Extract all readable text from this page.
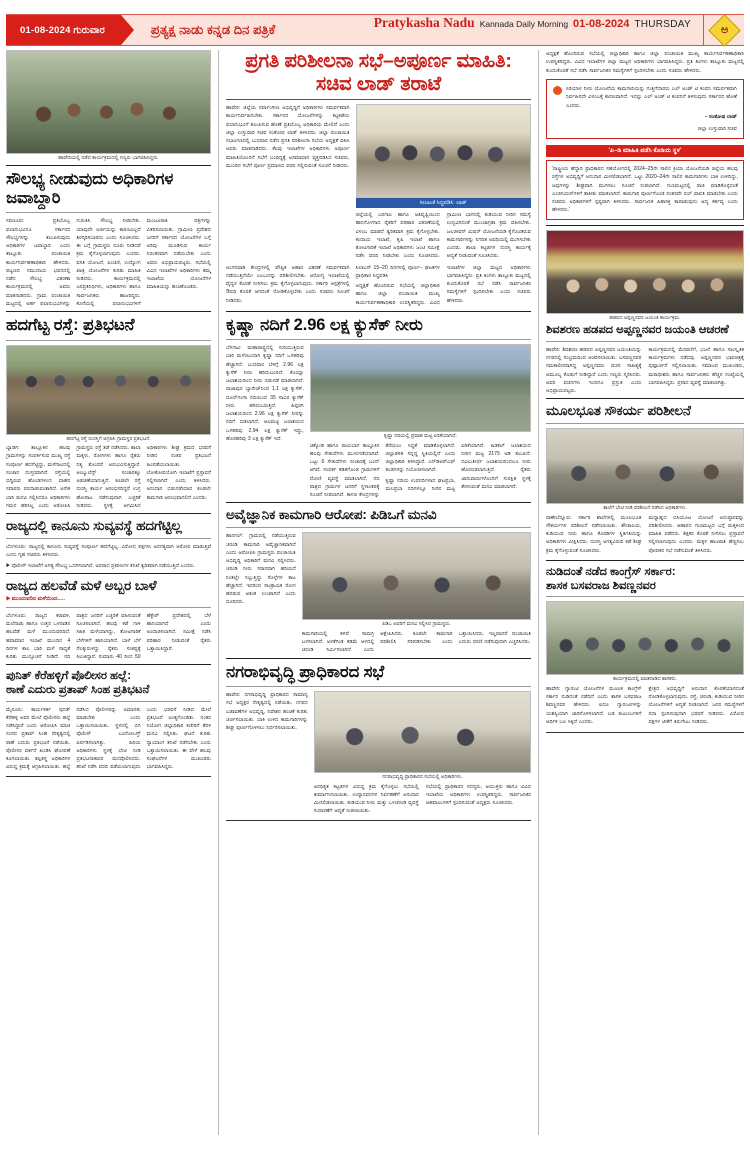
01-08-2024 ಗುರುವಾರ	ಪ್ರತ್ಯಕ್ಷ ನಾಡು ಕನ್ನಡ ದಿನ ಪತ್ರಿಕೆ	Pratykasha Nadu Kannada Daily Morning 01-08-2024 THURSDAY	ಅ
ಹಾವೇರಿಯಲ್ಲಿ ನಡೆದ ಕಾರ್ಯಕ್ರಮದಲ್ಲಿ ಗಣ್ಯರು ಭಾಗವಹಿಸಿದ್ದರು.
ಸೌಲಭ್ಯ ನೀಡುವುದು ಅಧಿಕಾರಿಗಳ ಜವಾಬ್ದಾರಿ

ಸವಣೂರು: ಪ್ರತಿಯೊಬ್ಬ ಫಲಾನುಭವಿಗೂ ಸರ್ಕಾರದ ಸೌಲಭ್ಯಗಳನ್ನು ತಲುಪಿಸುವುದು ಅಧಿಕಾರಿಗಳ ಜವಾಬ್ದಾರಿ ಎಂದು ತಾಲ್ಲೂಕು ಪಂಚಾಯಿತಿ ಕಾರ್ಯನಿರ್ವಹಣಾಧಿಕಾರಿ ಹೇಳಿದರು. ಪಟ್ಟಣದ ಸಮುದಾಯ ಭವನದಲ್ಲಿ ನಡೆದ ಸೌಲಭ್ಯ ವಿತರಣಾ ಕಾರ್ಯಕ್ರಮದಲ್ಲಿ ಅವರು ಮಾತನಾಡಿದರು. ಗ್ರಾಮ ಪಂಚಾಯಿತಿ ಮಟ್ಟದಲ್ಲಿ ಅರ್ಹ ಫಲಾನುಭವಿಗಳನ್ನು ಗುರುತಿಸಿ ಸೌಲಭ್ಯ ನೀಡಬೇಕು. ಯಾವುದೇ ಅರ್ಜಿಯನ್ನು ಕಾರಣವಿಲ್ಲದೆ ತಿರಸ್ಕರಿಸಬಾರದು ಎಂದು ಸೂಚಿಸಿದರು. ಈ ಬಗ್ಗೆ ಗ್ರಾಮಸ್ಥರು ದೂರು ನೀಡಿದರೆ ಕ್ರಮ ಕೈಗೊಳ್ಳಲಾಗುವುದು ಎಂದರು. ವಸತಿ ಯೋಜನೆ, ಪಿಂಚಣಿ, ಉದ್ಯೋಗ ಖಾತ್ರಿ ಯೋಜನೆಗಳ ಕುರಿತು ಮಾಹಿತಿ ನೀಡಿದರು. ಕಾರ್ಯಕ್ರಮದಲ್ಲಿ ಜನಪ್ರತಿನಿಧಿಗಳು, ಅಧಿಕಾರಿಗಳು ಹಾಗೂ ಸಾರ್ವಜನಿಕರು ಹಾಜರಿದ್ದರು. ಕೊನೆಯಲ್ಲಿ ಫಲಾನುಭವಿಗಳಿಗೆ ಮಂಜೂರಾತಿ ಪತ್ರಗಳನ್ನು ವಿತರಿಸಲಾಯಿತು. ಗ್ರಾಮೀಣ ಪ್ರದೇಶದ ಜನರಿಗೆ ಸರ್ಕಾರದ ಯೋಜನೆಗಳ ಬಗ್ಗೆ ಅರಿವು ಮೂಡಿಸುವ ಕಾರ್ಯ ನಿರಂತರವಾಗಿ ನಡೆಯಬೇಕು ಎಂದು ಅವರು ಅಭಿಪ್ರಾಯಪಟ್ಟರು. ಸಭೆಯಲ್ಲಿ ವಿವಿಧ ಇಲಾಖೆಗಳ ಅಧಿಕಾರಿಗಳು ತಮ್ಮ ಇಲಾಖೆಯ ಯೋಜನೆಗಳ ಮಾಹಿತಿಯನ್ನು ಹಂಚಿಕೊಂಡರು.

ಹದಗೆಟ್ಟ ರಸ್ತೆ: ಪ್ರತಿಭಟನೆ
ಹದಗೆಟ್ಟ ರಸ್ತೆ ದುರಸ್ತಿಗೆ ಆಗ್ರಹಿಸಿ ಗ್ರಾಮಸ್ಥರ ಪ್ರತಿಭಟನೆ.

ಬ್ಯಾಡಗಿ: ತಾಲ್ಲೂಕಿನ ಹಲವು ಗ್ರಾಮಗಳನ್ನು ಸಂಪರ್ಕಿಸುವ ಮುಖ್ಯ ರಸ್ತೆ ಸಂಪೂರ್ಣ ಹದಗೆಟ್ಟಿದ್ದು, ಮಳೆಗಾಲದಲ್ಲಿ ಸಂಚಾರ ದುಸ್ತರವಾಗಿದೆ. ರಸ್ತೆಯಲ್ಲಿ ಬಿದ್ದಿರುವ ಹೊಂಡಗಳಿಂದ ವಾಹನ ಸವಾರರು ಪರದಾಡುವಂತಾಗಿದೆ. ಅನೇಕ ಬಾರಿ ಮನವಿ ಸಲ್ಲಿಸಿದರೂ ಅಧಿಕಾರಿಗಳು ಗಮನ ಹರಿಸಿಲ್ಲ ಎಂದು ಆರೋಪಿಸಿ ಗ್ರಾಮಸ್ಥರು ರಸ್ತೆ ತಡೆ ನಡೆಸಿದರು. ಶಾಲಾ ಮಕ್ಕಳು, ರೋಗಿಗಳು ಹಾಗೂ ರೈತರು ನಿತ್ಯ ತೊಂದರೆ ಅನುಭವಿಸುತ್ತಿದ್ದಾರೆ. ಆಂಬ್ಯುಲೆನ್ಸ್ ಸಂಚಾರಕ್ಕೂ ಅಡಚಣೆಯಾಗುತ್ತಿದೆ. ಕೂಡಲೇ ರಸ್ತೆ ದುರಸ್ತಿ ಕಾರ್ಯ ಆರಂಭಿಸದಿದ್ದರೆ ಉಗ್ರ ಹೋರಾಟ ನಡೆಸುವುದಾಗಿ ಎಚ್ಚರಿಕೆ ನೀಡಿದರು. ಸ್ಥಳಕ್ಕೆ ಆಗಮಿಸಿದ ಅಧಿಕಾರಿಗಳು ಶೀಘ್ರ ಕ್ರಮದ ಭರವಸೆ ನೀಡಿದ ನಂತರ ಪ್ರತಿಭಟನೆ ಹಿಂಪಡೆಯಲಾಯಿತು. ಲೋಕೋಪಯೋಗಿ ಇಲಾಖೆಗೆ ಪ್ರಸ್ತಾವನೆ ಸಲ್ಲಿಸಲಾಗಿದೆ ಎಂದು ತಿಳಿಸಿದರು. ಅನುದಾನ ಬಿಡುಗಡೆಯಾದ ಕೂಡಲೇ ಕಾಮಗಾರಿ ಆರಂಭವಾಗಲಿದೆ ಎಂದರು.

ರಾಜ್ಯದಲ್ಲಿ ಕಾನೂನು ಸುವ್ಯವಸ್ಥೆ ಹದಗೆಟ್ಟಿಲ್ಲ

ಬೆಂಗಳೂರು: ರಾಜ್ಯದಲ್ಲಿ ಕಾನೂನು ಸುವ್ಯವಸ್ಥೆ ಸಂಪೂರ್ಣ ಹದಗೆಟ್ಟಿಲ್ಲ. ವಿರೋಧ ಪಕ್ಷಗಳು ಅನಗತ್ಯವಾಗಿ ಆರೋಪ ಮಾಡುತ್ತಿವೆ ಎಂದು ಗೃಹ ಸಚಿವರು ತಿಳಿಸಿದರು.

▶ ಪೊಲೀಸ್ ಇಲಾಖೆಗೆ ಅಗತ್ಯ ಸೌಲಭ್ಯ ಒದಗಿಸಲಾಗಿದೆ. ಅಪರಾಧ ಪ್ರಕರಣಗಳ ತನಿಖೆ ತ್ವರಿತವಾಗಿ ನಡೆಯುತ್ತಿದೆ ಎಂದರು.
ರಾಜ್ಯದ ಹಲವೆಡೆ ಮಳೆ ಅಬ್ಬರ ಬಾಳೆ
▶ ಮುಂದುವರಿದ ಮಳೆಯಿಂದ.....

ಬೆಂಗಳೂರು: ರಾಜ್ಯದ ಕರಾವಳಿ, ಮಲೆನಾಡು ಹಾಗೂ ಉತ್ತರ ಒಳನಾಡಿನ ಹಲವೆಡೆ ಮಳೆ ಮುಂದುವರಿದಿದೆ. ಹವಾಮಾನ ಇಲಾಖೆ ಮುಂದಿನ 4 ದಿನಗಳ ಕಾಲ ಭಾರಿ ಮಳೆ ಸಾಧ್ಯತೆ ಕುರಿತು ಮುನ್ಸೂಚನೆ ನೀಡಿದೆ. ನದಿ ಪಾತ್ರದ ಜನರಿಗೆ ಎಚ್ಚರಿಕೆ ವಹಿಸುವಂತೆ ಸೂಚಿಸಲಾಗಿದೆ. ಹಲವು ಕಡೆ ಗಾಳಿ ಸಹಿತ ಮಳೆಯಾಗಿದ್ದು, ತೋಟಗಾರಿಕೆ ಬೆಳೆಗಳಿಗೆ ಹಾನಿಯಾಗಿದೆ. ಬಾಳೆ ಬೆಳೆ ನೆಲಕ್ಕುರುಳಿದ್ದು ರೈತರು ಸಂಕಷ್ಟಕ್ಕೆ ಸಿಲುಕಿದ್ದಾರೆ. ಸುಮಾರು 40 ರಿಂದ 50 ಹೆಕ್ಟೇರ್ ಪ್ರದೇಶದಲ್ಲಿ ಬೆಳೆ ಹಾನಿಯಾಗಿದೆ ಎಂದು ಅಂದಾಜಿಸಲಾಗಿದೆ. ಸಮೀಕ್ಷೆ ನಡೆಸಿ ಪರಿಹಾರ ನೀಡುವಂತೆ ರೈತರು ಒತ್ತಾಯಿಸಿದ್ದಾರೆ.

ಪುನಿತ್ ಕೆರೆಹಳ್ಳಿಗೆ ಪೊಲೀಸರ ಹಲ್ಲೆ:
ಠಾಣೆ ಎದುರು ಪ್ರತಾಪ್ ಸಿಂಹ ಪ್ರತಿಭಟನೆ

ಮೈಸೂರು: ಕಾರ್ಯಕರ್ತ ಪುನಿತ್ ಕೆರೆಹಳ್ಳಿ ಅವರ ಮೇಲೆ ಪೊಲೀಸರು ಹಲ್ಲೆ ನಡೆಸಿದ್ದಾರೆ ಎಂದು ಆರೋಪಿಸಿ ಮಾಜಿ ಸಂಸದ ಪ್ರತಾಪ್ ಸಿಂಹ ನೇತೃತ್ವದಲ್ಲಿ ಠಾಣೆ ಎದುರು ಪ್ರತಿಭಟನೆ ನಡೆಯಿತು. ಪೊಲೀಸರ ವರ್ತನೆ ಖಂಡಿಸಿ ಘೋಷಣೆ ಕೂಗಲಾಯಿತು. ತಪ್ಪಿತಸ್ಥ ಅಧಿಕಾರಿಗಳ ವಿರುದ್ಧ ಕ್ರಮಕ್ಕೆ ಆಗ್ರಹಿಸಲಾಯಿತು. ಹಲ್ಲೆ ನಡೆಸಿದ ಪೊಲೀಸರನ್ನು ಅಮಾನತು ಮಾಡಬೇಕು ಎಂದು ಒತ್ತಾಯಿಸಲಾಯಿತು. ಸ್ಥಳದಲ್ಲಿ ಬಿಗಿ ಪೊಲೀಸ್ ಬಂದೋಬಸ್ತ್ ಏರ್ಪಡಿಸಲಾಗಿತ್ತು. ಹಿರಿಯ ಅಧಿಕಾರಿಗಳು ಸ್ಥಳಕ್ಕೆ ಭೇಟಿ ನೀಡಿ ಪ್ರತಿಭಟನಾಕಾರರ ಮನವೊಲಿಸಿದರು. ತನಿಖೆ ನಡೆಸಿ ವರದಿ ಪಡೆಯಲಾಗುವುದು ಎಂದು ಭರವಸೆ ನೀಡಿದ ಮೇಲೆ ಪ್ರತಿಭಟನೆ ಅಂತ್ಯಗೊಂಡಿತು. ನಂತರ ನಿಯೋಗ ಜಿಲ್ಲಾಧಿಕಾರಿ ಕಚೇರಿಗೆ ತೆರಳಿ ಮನವಿ ಸಲ್ಲಿಸಿತು. ಘಟನೆ ಕುರಿತು ನ್ಯಾಯಾಂಗ ತನಿಖೆ ನಡೆಸಬೇಕು ಎಂದು ಒತ್ತಾಯಿಸಲಾಯಿತು. ಈ ವೇಳೆ ಹಲವು ಸಂಘಟನೆಗಳ ಮುಖಂಡರು ಭಾಗವಹಿಸಿದ್ದರು.

ಪ್ರಗತಿ ಪರಿಶೀಲನಾ ಸಭೆ–ಅಪೂರ್ಣ ಮಾಹಿತಿ: ಸಚಿವ ಲಾಡ್ ತರಾಟೆ

ಹಾವೇರಿ: ಜಿಲ್ಲೆಯ ಸರ್ವಾಂಗೀಣ ಅಭಿವೃದ್ಧಿಗೆ ಅಧಿಕಾರಿಗಳು ಸಮರ್ಪಕವಾಗಿ ಕಾರ್ಯನಿರ್ವಹಿಸಬೇಕು. ಸರ್ಕಾರದ ಯೋಜನೆಗಳನ್ನು ಕಟ್ಟಕಡೆಯ ಫಲಾನುಭವಿಗೆ ತಲುಪಿಸುವ ಹೊಣೆ ಪ್ರತಿಯೊಬ್ಬ ಅಧಿಕಾರಿಯ ಮೇಲಿದೆ ಎಂದು ಜಿಲ್ಲಾ ಉಸ್ತುವಾರಿ ಸಚಿವ ಸಂತೋಷ ಲಾಡ್ ತಿಳಿಸಿದರು. ಜಿಲ್ಲಾ ಪಂಚಾಯಿತಿ ಸಭಾಂಗಣದಲ್ಲಿ ಬುಧವಾರ ನಡೆದ ಪ್ರಗತಿ ಪರಿಶೀಲನಾ ಸಭೆಯ ಅಧ್ಯಕ್ಷತೆ ವಹಿಸಿ ಅವರು ಮಾತನಾಡಿದರು. ಕೆಲವು ಇಲಾಖೆಗಳ ಅಧಿಕಾರಿಗಳು ಅಪೂರ್ಣ ಮಾಹಿತಿಯೊಂದಿಗೆ ಸಭೆಗೆ ಬಂದಿದ್ದಕ್ಕೆ ಅಸಮಾಧಾನ ವ್ಯಕ್ತಪಡಿಸಿದ ಸಚಿವರು, ಮುಂದಿನ ಸಭೆಗೆ ಪೂರ್ಣ ಪ್ರಮಾಣದ ವರದಿ ಸಲ್ಲಿಸುವಂತೆ ಸೂಚನೆ ನೀಡಿದರು.

ಸೀಲಾಂತೆ ಸಿದ್ಧಪಡಿಸಿ: ಲಾಡ್

ಜಿಲ್ಲೆಯಲ್ಲಿ ಬರಗಾಲ ಹಾಗೂ ಅತಿವೃಷ್ಟಿಯಿಂದ ಹಾನಿಗೊಳಗಾದ ರೈತರಿಗೆ ಪರಿಹಾರ ವಿತರಣೆಯಲ್ಲಿ ವಿಳಂಬ ಮಾಡದೆ ತ್ವರಿತವಾಗಿ ಕ್ರಮ ಕೈಗೊಳ್ಳಬೇಕು. ಕಂದಾಯ ಇಲಾಖೆ, ಕೃಷಿ ಇಲಾಖೆ ಹಾಗೂ ತೋಟಗಾರಿಕೆ ಇಲಾಖೆ ಅಧಿಕಾರಿಗಳು ಜಂಟಿ ಸಮೀಕ್ಷೆ ನಡೆಸಿ ವರದಿ ನೀಡಬೇಕು ಎಂದು ಸೂಚಿಸಿದರು. ಗ್ರಾಮೀಣ ಭಾಗದಲ್ಲಿ ಕುಡಿಯುವ ನೀರಿನ ಸಮಸ್ಯೆ ಉದ್ಭವಿಸದಂತೆ ಮುಂಜಾಗ್ರತಾ ಕ್ರಮ ವಹಿಸಬೇಕು. ಜಲಜೀವನ್ ಮಿಷನ್ ಯೋಜನೆಯಡಿ ಕೈಗೊಂಡಿರುವ ಕಾಮಗಾರಿಗಳನ್ನು ನಿಗದಿತ ಅವಧಿಯಲ್ಲಿ ಮುಗಿಸಬೇಕು ಎಂದರು. ಶಾಲಾ ಕಟ್ಟಡಗಳ ದುರಸ್ತಿ ಕಾರ್ಯಕ್ಕೆ ಆದ್ಯತೆ ನೀಡುವಂತೆ ಸೂಚಿಸಿದರು.

ಅಂಗನವಾಡಿ ಕೇಂದ್ರಗಳಲ್ಲಿ ಪೌಷ್ಟಿಕ ಆಹಾರ ವಿತರಣೆ ಸಮರ್ಪಕವಾಗಿ ನಡೆಯುತ್ತಿದೆಯೇ ಎಂಬುದನ್ನು ಪರಿಶೀಲಿಸಬೇಕು. ಆರೋಗ್ಯ ಇಲಾಖೆಯಲ್ಲಿ ವೈದ್ಯರ ಕೊರತೆ ನೀಗಿಸಲು ಕ್ರಮ ಕೈಗೊಳ್ಳಲಾಗುವುದು. ಸರ್ಕಾರಿ ಆಸ್ಪತ್ರೆಗಳಲ್ಲಿ ಔಷಧಿ ಕೊರತೆ ಆಗದಂತೆ ನೋಡಿಕೊಳ್ಳಬೇಕು ಎಂದು ಸಚಿವರು ಸೂಚನೆ ನೀಡಿದರು.

ಸಿಲಾಬಸ್ 15–20 ದಿನಗಳಲ್ಲಿ ಪೂರ್ಣ– ಘಟಕಗಳ ಪ್ರಾಧಿಕಾರ ಸಿದ್ಧಪಡಿಸಿ

ಅಧ್ಯಕ್ಷತೆ ಹೊಂದಿರುವ ಸಭೆಯಲ್ಲಿ ಜಿಲ್ಲಾಧಿಕಾರಿ ಹಾಗೂ ಜಿಲ್ಲಾ ಪಂಚಾಯಿತಿ ಮುಖ್ಯ ಕಾರ್ಯನಿರ್ವಹಣಾಧಿಕಾರಿ ಉಪಸ್ಥಿತರಿದ್ದರು. ವಿವಿಧ ಇಲಾಖೆಗಳ ಜಿಲ್ಲಾ ಮಟ್ಟದ ಅಧಿಕಾರಿಗಳು ಭಾಗವಹಿಸಿದ್ದರು. ಪ್ರತಿ ತಿಂಗಳು ತಾಲ್ಲೂಕು ಮಟ್ಟದಲ್ಲಿ ಕುಂದುಕೊರತೆ ಸಭೆ ನಡೆಸಿ ಸಾರ್ವಜನಿಕರ ಸಮಸ್ಯೆಗಳಿಗೆ ಸ್ಪಂದಿಸಬೇಕು ಎಂದು ಸಚಿವರು ಹೇಳಿದರು.

ಕೃಷ್ಣಾ ನದಿಗೆ 2.96 ಲಕ್ಷ ಕ್ಯುಸೆಕ್ ನೀರು

ಬೆಳಗಾವಿ: ಮಹಾರಾಷ್ಟ್ರದಲ್ಲಿ ಸುರಿಯುತ್ತಿರುವ ಭಾರಿ ಮಳೆಯಿಂದಾಗಿ ಕೃಷ್ಣಾ ನದಿಗೆ ಒಳಹರಿವು ಹೆಚ್ಚಾಗಿದೆ. ಬುಧವಾರ ಬೆಳಿಗ್ಗೆ 2.96 ಲಕ್ಷ ಕ್ಯುಸೆಕ್ ನೀರು ಹರಿದುಬಂದಿದೆ. ಕೊಯ್ನಾ ಜಲಾಶಯದಿಂದ ನೀರು ಬಿಡುಗಡೆ ಮಾಡಲಾಗಿದೆ. ರಾಜಾಪುರ ಬ್ಯಾರೇಜ್‌ನಿಂದ 1.1 ಲಕ್ಷ ಕ್ಯುಸೆಕ್, ದೂಧ್‌ಗಂಗಾ ನದಿಯಿಂದ 35 ಸಾವಿರ ಕ್ಯುಸೆಕ್ ನೀರು ಹರಿದುಬರುತ್ತಿದೆ. ಹಿಪ್ಪರಗಿ ಜಲಾಶಯದಿಂದ 2.96 ಲಕ್ಷ ಕ್ಯುಸೆಕ್ ನೀರನ್ನು ನದಿಗೆ ಬಿಡಲಾಗಿದೆ. ಆಲಮಟ್ಟಿ ಜಲಾಶಯದ ಒಳಹರಿವು 2.94 ಲಕ್ಷ ಕ್ಯುಸೆಕ್ ಇದ್ದು, ಹೊರಹರಿವು 3 ಲಕ್ಷ ಕ್ಯುಸೆಕ್ ಇದೆ.	ಕೃಷ್ಣಾ ನದಿಯಲ್ಲಿ ಪ್ರವಾಹ ಮಟ್ಟ ಏರಿಕೆಯಾಗಿದೆ.

ಚಿಕ್ಕೋಡಿ ಹಾಗೂ ರಾಯಬಾಗ ತಾಲ್ಲೂಕಿನ ಹಲವು ಸೇತುವೆಗಳು ಮುಳುಗಡೆಯಾಗಿವೆ. ಒಟ್ಟು 6 ಸೇತುವೆಗಳು ಸಂಚಾರಕ್ಕೆ ಬಂದ್ ಆಗಿವೆ. ಸಂಪರ್ಕ ಕಡಿತಗೊಂಡ ಗ್ರಾಮಗಳಿಗೆ ದೋಣಿ ವ್ಯವಸ್ಥೆ ಮಾಡಲಾಗಿದೆ. ನದಿ ಪಾತ್ರದ ಗ್ರಾಮಗಳ ಜನರಿಗೆ ಸ್ಥಳಾಂತರಕ್ಕೆ ಸೂಚನೆ ನೀಡಲಾಗಿದೆ. ಕಾಳಜಿ ಕೇಂದ್ರಗಳನ್ನು ತೆರೆಯಲು ಸಿದ್ಧತೆ ಮಾಡಿಕೊಳ್ಳಲಾಗಿದೆ. ಜಿಲ್ಲಾಡಳಿತ ಸನ್ನದ್ಧ ಸ್ಥಿತಿಯಲ್ಲಿದೆ ಎಂದು ಜಿಲ್ಲಾಧಿಕಾರಿ ತಿಳಿಸಿದ್ದಾರೆ. ಎನ್‌ಡಿಆರ್‌ಎಫ್ ತಂಡಗಳನ್ನು ನಿಯೋಜಿಸಲಾಗಿದೆ.

ಕೃಷ್ಣಾ ನದಿಯ ಉಪನದಿಗಳಾದ ಘಟಪ್ರಭಾ, ಮಲಪ್ರಭಾ ನದಿಗಳಲ್ಲೂ ನೀರಿನ ಮಟ್ಟ ಏರಿಕೆಯಾಗಿದೆ. ಹಿಡಕಲ್ ಜಲಾಶಯದ ನೀರಿನ ಮಟ್ಟ 2175 ಅಡಿ ತಲುಪಿದೆ. ನವಿಲುತೀರ್ಥ ಜಲಾಶಯದಿಂದಲೂ ನೀರು ಹೊರಬಿಡಲಾಗುತ್ತಿದೆ. ರೈತರು ಜಾನುವಾರುಗಳೊಂದಿಗೆ ಸುರಕ್ಷಿತ ಸ್ಥಳಕ್ಕೆ ತೆರಳುವಂತೆ ಮನವಿ ಮಾಡಲಾಗಿದೆ.

ಅವೈಜ್ಞಾನಿಕ ಕಾಮಗಾರಿ ಆರೋಪ: ಪಿಡಿಒಗೆ ಮನವಿ

ಹಾನಗಲ್: ಗ್ರಾಮದಲ್ಲಿ ನಡೆಯುತ್ತಿರುವ ಚರಂಡಿ ಕಾಮಗಾರಿ ಅವೈಜ್ಞಾನಿಕವಾಗಿದೆ ಎಂದು ಆರೋಪಿಸಿ ಗ್ರಾಮಸ್ಥರು ಪಂಚಾಯಿತಿ ಅಭಿವೃದ್ಧಿ ಅಧಿಕಾರಿಗೆ ಮನವಿ ಸಲ್ಲಿಸಿದರು. ಚರಂಡಿ ನೀರು ಸರಾಗವಾಗಿ ಹರಿಯದೆ ನಿಂತಲ್ಲೇ ನಿಲ್ಲುತ್ತಿದ್ದು ಸೊಳ್ಳೆಗಳ ಕಾಟ ಹೆಚ್ಚಾಗಿದೆ. ಇದರಿಂದ ಸಾಂಕ್ರಾಮಿಕ ರೋಗ ಹರಡುವ ಆತಂಕ ಉಂಟಾಗಿದೆ ಎಂದು ದೂರಿದರು.

ಪಿಡಿಒ ಅವರಿಗೆ ಮನವಿ ಸಲ್ಲಿಸಿದ ಗ್ರಾಮಸ್ಥರು.

ಕಾಮಗಾರಿಯಲ್ಲಿ ಕಳಪೆ ಸಾಮಗ್ರಿ ಬಳಸಲಾಗಿದೆ. ಅಳತೆಗಿಂತ ಕಡಿಮೆ ಆಳದಲ್ಲಿ ಚರಂಡಿ ನಿರ್ಮಿಸಲಾಗಿದೆ ಎಂದು ಆಕ್ಷೇಪಿಸಿದರು. ಕೂಡಲೇ ಕಾಮಗಾರಿ ಪರಿಶೀಲಿಸಿ ಸರಿಪಡಿಸಬೇಕು ಎಂದು ಒತ್ತಾಯಿಸಿದರು. ಇಲ್ಲವಾದರೆ ಪಂಚಾಯಿತಿ ಎದುರು ಧರಣಿ ನಡೆಸುವುದಾಗಿ ಎಚ್ಚರಿಸಿದರು.

ನಗರಾಭಿವೃದ್ಧಿ ಪ್ರಾಧಿಕಾರದ ಸಭೆ

ಹಾವೇರಿ: ನಗರಾಭಿವೃದ್ಧಿ ಪ್ರಾಧಿಕಾರದ ಸಾಮಾನ್ಯ ಸಭೆ ಅಧ್ಯಕ್ಷರ ನೇತೃತ್ವದಲ್ಲಿ ನಡೆಯಿತು. ನಗರದ ಬಡಾವಣೆಗಳ ಅಭಿವೃದ್ಧಿ, ನಿವೇಶನ ಹಂಚಿಕೆ ಕುರಿತು ಚರ್ಚಿಸಲಾಯಿತು. ಬಾಕಿ ಉಳಿದ ಕಾಮಗಾರಿಗಳನ್ನು ಶೀಘ್ರ ಪೂರ್ಣಗೊಳಿಸಲು ನಿರ್ಧರಿಸಲಾಯಿತು.

ನಗರಾಭಿವೃದ್ಧಿ ಪ್ರಾಧಿಕಾರದ ಸಭೆಯಲ್ಲಿ ಅಧಿಕಾರಿಗಳು.

ಅನಧಿಕೃತ ಕಟ್ಟಡಗಳ ವಿರುದ್ಧ ಕ್ರಮ ಕೈಗೊಳ್ಳಲು ಸಭೆಯಲ್ಲಿ ತೀರ್ಮಾನಿಸಲಾಯಿತು. ಉದ್ಯಾನವನಗಳ ನಿರ್ವಹಣೆಗೆ ಅನುದಾನ ಮೀಸಲಿಡಲಾಯಿತು. ಕುಡಿಯುವ ನೀರು ಮತ್ತು ಒಳಚರಂಡಿ ವ್ಯವಸ್ಥೆ ಸುಧಾರಣೆಗೆ ಆದ್ಯತೆ ನೀಡಲಾಯಿತು.

ಸಭೆಯಲ್ಲಿ ಪ್ರಾಧಿಕಾರದ ಸದಸ್ಯರು, ಆಯುಕ್ತರು ಹಾಗೂ ವಿವಿಧ ಇಲಾಖೆಯ ಅಧಿಕಾರಿಗಳು ಉಪಸ್ಥಿತರಿದ್ದರು. ಸಾರ್ವಜನಿಕರ ಅಹವಾಲುಗಳಿಗೆ ಸ್ಪಂದಿಸುವಂತೆ ಅಧ್ಯಕ್ಷರು ಸೂಚಿಸಿದರು.

ಅಧ್ಯಕ್ಷತೆ ಹೊಂದಿರುವ ಸಭೆಯಲ್ಲಿ ಜಿಲ್ಲಾಧಿಕಾರಿ ಹಾಗೂ ಜಿಲ್ಲಾ ಪಂಚಾಯಿತಿ ಮುಖ್ಯ ಕಾರ್ಯನಿರ್ವಹಣಾಧಿಕಾರಿ ಉಪಸ್ಥಿತರಿದ್ದರು. ವಿವಿಧ ಇಲಾಖೆಗಳ ಜಿಲ್ಲಾ ಮಟ್ಟದ ಅಧಿಕಾರಿಗಳು ಭಾಗವಹಿಸಿದ್ದರು. ಪ್ರತಿ ತಿಂಗಳು ತಾಲ್ಲೂಕು ಮಟ್ಟದಲ್ಲಿ ಕುಂದುಕೊರತೆ ಸಭೆ ನಡೆಸಿ ಸಾರ್ವಜನಿಕರ ಸಮಸ್ಯೆಗಳಿಗೆ ಸ್ಪಂದಿಸಬೇಕು ಎಂದು ಸಚಿವರು ಹೇಳಿದರು.

ಸಿರಿಯಾಳ ನೀರು ಯೋಜನೆಯ ಕಾಮಗಾರಿಯನ್ನು ಗುತ್ತಿಗೆದಾರರು ಎಲ್ ಅಂಡ್ ಟಿ ಕಂಪನಿ ಸಮರ್ಪಕವಾಗಿ ನಿರ್ವಹಿಸದೇ ವಿಳಂಬಕ್ಕೆ ಕಾರಣವಾಗಿದೆ. ಇದನ್ನು ಎಲ್ ಅಂಡ್ ಟಿ ಕಂಪನಿಗೆ ತಿಳಿಸುವುದು ಸರ್ಕಾರದ ಹೊಣೆ ಎಂದರು.
– ಸಂತೋಷ ಲಾಡ್
ಜಿಲ್ಲಾ ಉಸ್ತುವಾರಿ ಸಚಿವ
'ಪಿ–ಡಿ ಮಾಹಿತಿ ಪಡೆಸಿ ಕೊಡಿಯ ಸ್ಥಳ'
'ರಾಷ್ಟ್ರೀಯ ಹೆದ್ದಾರಿ ಪ್ರಾಧಿಕಾರದ ಸಹಯೋಗದಲ್ಲಿ 2024–25ನೇ ಸಾಲಿನ ಕ್ರಿಯಾ ಯೋಜನೆಯಡಿ ಜಿಲ್ಲೆಯ ಹಲವು ರಸ್ತೆಗಳ ಅಭಿವೃದ್ಧಿಗೆ ಅನುದಾನ ಮೀಸಲಿಡಲಾಗಿದೆ. ಒಟ್ಟು 2020–24ನೇ ಸಾಲಿನ ಕಾಮಗಾರಿಗಳು ಬಾಕಿ ಉಳಿದಿದ್ದು, ಅವುಗಳನ್ನು ಶೀಘ್ರವಾಗಿ ಮುಗಿಸಲು ಸೂಚನೆ ನೀಡಲಾಗಿದೆ. ಗುಣಮಟ್ಟದಲ್ಲಿ ರಾಜಿ ಮಾಡಿಕೊಳ್ಳದಂತೆ ಎಂಜಿನಿಯರ್‌ಗಳಿಗೆ ತಾಕೀತು ಮಾಡಲಾಗಿದೆ. ಕಾಮಗಾರಿ ಪೂರ್ಣಗೊಂಡ ನಂತರವೇ ಬಿಲ್ ಪಾವತಿ ಮಾಡಬೇಕು ಎಂದು ಸಚಿವರು ಅಧಿಕಾರಿಗಳಿಗೆ ಸ್ಪಷ್ಟವಾಗಿ ತಿಳಿಸಿದರು. ಸಾರ್ವಜನಿಕ ಹಿತಾಸಕ್ತಿ ಕಾಪಾಡುವುದು ಆದ್ಯ ಕರ್ತವ್ಯ ಎಂದು ಹೇಳಿದರು.'
ಹಡಪದ ಅಪ್ಪಣ್ಣನವರ ಜಯಂತಿ ಕಾರ್ಯಕ್ರಮ.
ಶಿವಶರಣ ಹಡಪದ ಅಪ್ಪಣ್ಣನವರ ಜಯಂತಿ ಆಚರಣೆ

ಹಾವೇರಿ: ಶಿವಶರಣ ಹಡಪದ ಅಪ್ಪಣ್ಣನವರ ಜಯಂತಿಯನ್ನು ನಗರದಲ್ಲಿ ಸಂಭ್ರಮದಿಂದ ಆಚರಿಸಲಾಯಿತು. ಬಸವಣ್ಣನವರ ಸಮಕಾಲೀನರಾಗಿದ್ದ ಅಪ್ಪಣ್ಣನವರು ವಚನ ಸಾಹಿತ್ಯಕ್ಕೆ ಅಮೂಲ್ಯ ಕೊಡುಗೆ ನೀಡಿದ್ದಾರೆ ಎಂದು ಗಣ್ಯರು ಸ್ಮರಿಸಿದರು. ಅವರ ವಚನಗಳು ಇಂದಿಗೂ ಪ್ರಸ್ತುತ ಎಂದು ಅಭಿಪ್ರಾಯಪಟ್ಟರು.

ಕಾರ್ಯಕ್ರಮದಲ್ಲಿ ಮೆರವಣಿಗೆ, ಭಜನೆ ಹಾಗೂ ಸಾಂಸ್ಕೃತಿಕ ಕಾರ್ಯಕ್ರಮಗಳು ನಡೆದವು. ಅಪ್ಪಣ್ಣನವರ ಭಾವಚಿತ್ರಕ್ಕೆ ಪುಷ್ಪಾರ್ಚನೆ ಸಲ್ಲಿಸಲಾಯಿತು. ಸಮಾಜದ ಮುಖಂಡರು, ಮಠಾಧೀಶರು ಹಾಗೂ ಸಾರ್ವಜನಿಕರು ಹೆಚ್ಚಿನ ಸಂಖ್ಯೆಯಲ್ಲಿ ಭಾಗವಹಿಸಿದ್ದರು. ಪ್ರಸಾದ ವ್ಯವಸ್ಥೆ ಮಾಡಲಾಗಿತ್ತು.

ಮೂಲಭೂತ ಸೌಕರ್ಯ ಪರಿಶೀಲನೆ
ಶಾಲೆಗೆ ಭೇಟಿ ನೀಡಿ ಪರಿಶೀಲನೆ ನಡೆಸಿದ ಅಧಿಕಾರಿಗಳು.

ರಾಣೇಬೆನ್ನೂರು: ಸರ್ಕಾರಿ ಶಾಲೆಗಳಲ್ಲಿ ಮೂಲಭೂತ ಸೌಕರ್ಯಗಳ ಪರಿಶೀಲನೆ ನಡೆಸಲಾಯಿತು. ಶೌಚಾಲಯ, ಕುಡಿಯುವ ನೀರು ಹಾಗೂ ಕೊಠಡಿಗಳ ಸ್ಥಿತಿಗತಿಯನ್ನು ಅಧಿಕಾರಿಗಳು ವೀಕ್ಷಿಸಿದರು. ದುರಸ್ತಿ ಅಗತ್ಯವಿರುವ ಕಡೆ ಶೀಘ್ರ ಕ್ರಮ ಕೈಗೊಳ್ಳುವಂತೆ ಸೂಚಿಸಿದರು.

ಮಧ್ಯಾಹ್ನದ ಬಿಸಿಯೂಟ ಯೋಜನೆ ಅನುಷ್ಠಾನವನ್ನು ಪರಿಶೀಲಿಸಿದರು. ಆಹಾರದ ಗುಣಮಟ್ಟದ ಬಗ್ಗೆ ಮಕ್ಕಳಿಂದ ಮಾಹಿತಿ ಪಡೆದರು. ಶಿಕ್ಷಕರ ಕೊರತೆ ನೀಗಿಸಲು ಪ್ರಸ್ತಾವನೆ ಸಲ್ಲಿಸಲಾಗುವುದು ಎಂದರು. ಮಕ್ಕಳ ಹಾಜರಾತಿ ಹೆಚ್ಚಿಸಲು ಪೋಷಕರ ಸಭೆ ನಡೆಸುವಂತೆ ತಿಳಿಸಿದರು.

ನುಡಿದಂತೆ ನಡೆದ ಕಾಂಗ್ರೆಸ್ ಸರ್ಕಾರ:
ಶಾಸಕ ಬಸವರಾಜ ಶಿವಣ್ಣನವರ
ಕಾರ್ಯಕ್ರಮದಲ್ಲಿ ಮಾತನಾಡಿದ ಶಾಸಕರು.

ಹಾವೇರಿ: ಗ್ಯಾರಂಟಿ ಯೋಜನೆಗಳ ಮೂಲಕ ಕಾಂಗ್ರೆಸ್ ಸರ್ಕಾರ ನುಡಿದಂತೆ ನಡೆದಿದೆ ಎಂದು ಶಾಸಕ ಬಸವರಾಜ ಶಿವಣ್ಣನವರ ಹೇಳಿದರು. ಐದೂ ಗ್ಯಾರಂಟಿಗಳನ್ನು ಯಶಸ್ವಿಯಾಗಿ ಜಾರಿಗೊಳಿಸಲಾಗಿದೆ. ಬಡ ಕುಟುಂಬಗಳಿಗೆ ಆರ್ಥಿಕ ಬಲ ಸಿಕ್ಕಿದೆ ಎಂದರು.

ಕ್ಷೇತ್ರದ ಅಭಿವೃದ್ಧಿಗೆ ಅನುದಾನ ಕೊರತೆಯಾಗದಂತೆ ನೋಡಿಕೊಳ್ಳಲಾಗುವುದು. ರಸ್ತೆ, ಚರಂಡಿ, ಕುಡಿಯುವ ನೀರಿನ ಯೋಜನೆಗಳಿಗೆ ಆದ್ಯತೆ ನೀಡಲಾಗಿದೆ. ಜನರ ಸಮಸ್ಯೆಗಳಿಗೆ ಸದಾ ಸ್ಪಂದಿಸುವುದಾಗಿ ಭರವಸೆ ನೀಡಿದರು. ವಿರೋಧ ಪಕ್ಷಗಳ ಟೀಕೆಗೆ ತಿರುಗೇಟು ನೀಡಿದರು.
